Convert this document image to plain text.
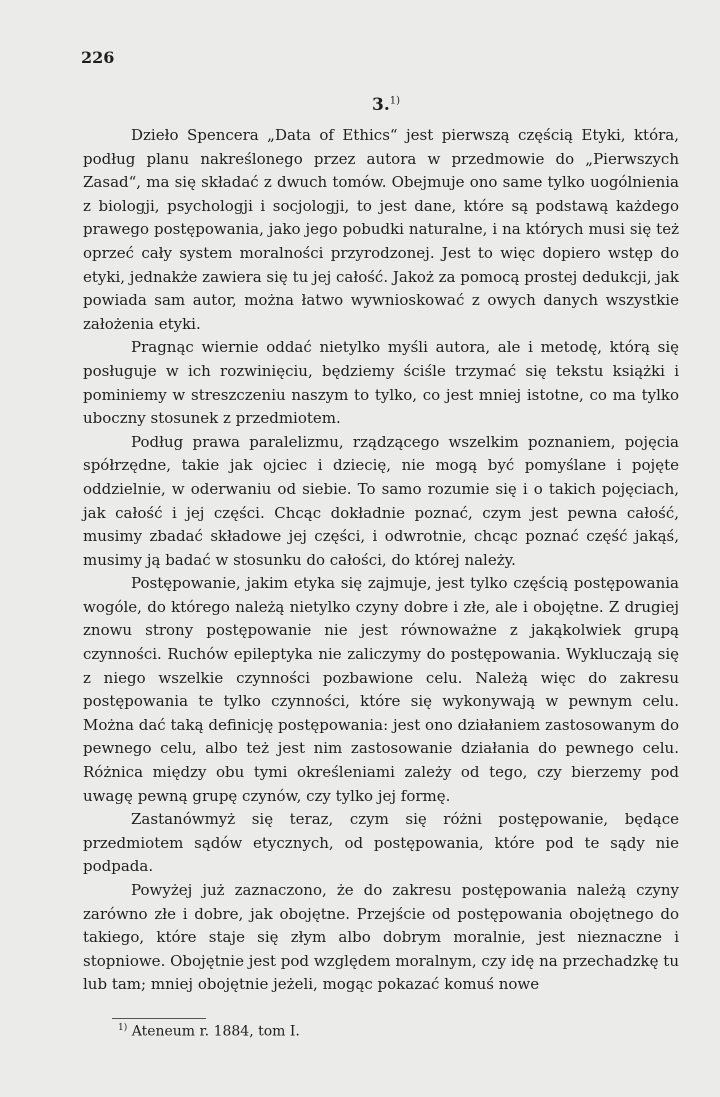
226
3.$^{1)}$

Dzieło Spencera „Data of Ethics“ jest pierwszą częścią Etyki, która, podług planu nakreślonego przez autora w przedmowie do „Pierwszych Zasad“, ma się składać z dwuch tomów. Obejmuje ono same tylko uogólnienia z biologji, psychologji i socjologji, to jest dane, które są podstawą każdego prawego postępowania, jako jego pobudki naturalne, i na których musi się też oprzeć cały system moralności przyrodzonej. Jest to więc dopiero wstęp do etyki, jednakże zawiera się tu jej całość. Jakoż za pomocą prostej dedukcji, jak powiada sam autor, można łatwo wywnioskować z owych danych wszystkie założenia etyki.

Pragnąc wiernie oddać nietylko myśli autora, ale i metodę, którą się posługuje w ich rozwinięciu, będziemy ściśle trzymać się tekstu książki i pominiemy w streszczeniu naszym to tylko, co jest mniej istotne, co ma tylko uboczny stosunek z przedmiotem.

Podług prawa paralelizmu, rządzącego wszelkim poznaniem, pojęcia spółrzędne, takie jak ojciec i dziecię, nie mogą być pomyślane i pojęte oddzielnie, w oderwaniu od siebie. To samo rozumie się i o takich pojęciach, jak całość i jej części. Chcąc dokładnie poznać, czym jest pewna całość, musimy zbadać składowe jej części, i odwrotnie, chcąc poznać część jakąś, musimy ją badać w stosunku do całości, do której należy.

Postępowanie, jakim etyka się zajmuje, jest tylko częścią postępowania wogóle, do którego należą nietylko czyny dobre i złe, ale i obojętne. Z drugiej znowu strony postępowanie nie jest równoważne z jakąkolwiek grupą czynności. Ruchów epileptyka nie zaliczymy do postępowania. Wykluczają się z niego wszelkie czynności pozbawione celu. Należą więc do zakresu postępowania te tylko czynności, które się wykonywają w pewnym celu. Można dać taką definicję postępowania: jest ono działaniem zastosowanym do pewnego celu, albo też jest nim zastosowanie działania do pewnego celu. Różnica między obu tymi określeniami zależy od tego, czy bierzemy pod uwagę pewną grupę czynów, czy tylko jej formę.

Zastanówmyż się teraz, czym się różni postępowanie, będące przedmiotem sądów etycznych, od postępowania, które pod te sądy nie podpada.

Powyżej już zaznaczono, że do zakresu postępowania należą czyny zarówno złe i dobre, jak obojętne. Przejście od postępowania obojętnego do takiego, które staje się złym albo dobrym moralnie, jest nieznaczne i stopniowe. Obojętnie jest pod względem moralnym, czy idę na przechadzkę tu lub tam; mniej obojętnie jeżeli, mogąc pokazać komuś nowe

$^{1)}$ Ateneum r. 1884, tom I.
